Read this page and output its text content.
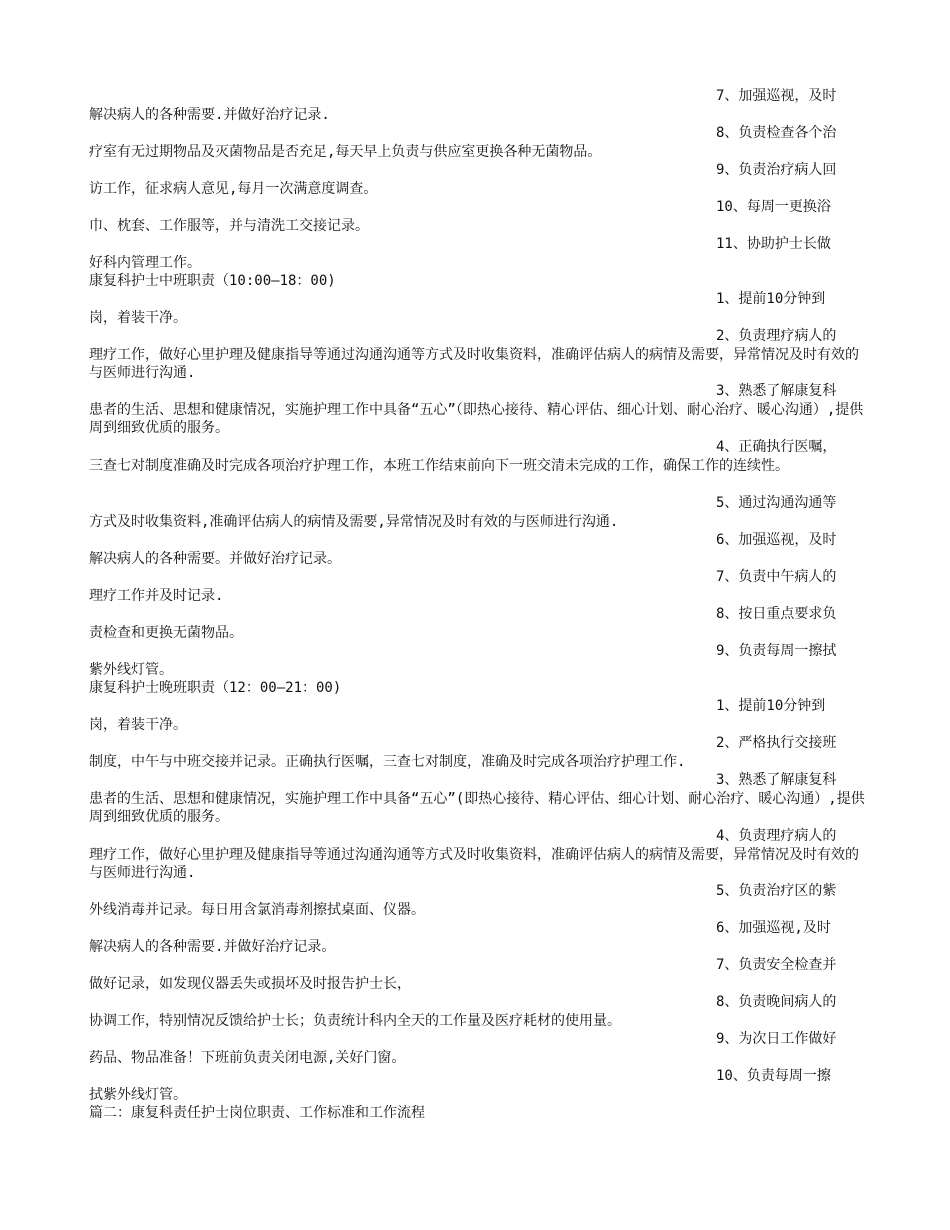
7、加强巡视，及时
解决病人的各种需要.并做好治疗记录.
8、负责检查各个治
疗室有无过期物品及灭菌物品是否充足,每天早上负责与供应室更换各种无菌物品。
9、负责治疗病人回
访工作，征求病人意见,每月一次满意度调查。
10、每周一更换浴
巾、枕套、工作服等，并与清洗工交接记录。
11、协助护士长做
好科内管理工作。
康复科护士中班职责（10:00—18：00)
1、提前10分钟到
岗，着装干净。
2、负责理疗病人的
理疗工作，做好心里护理及健康指导等通过沟通沟通等方式及时收集资料，准确评估病人的病情及需要，异常情况及时有效的与医师进行沟通.
3、熟悉了解康复科
患者的生活、思想和健康情况，实施护理工作中具备“五心”（即热心接待、精心评估、细心计划、耐心治疗、暖心沟通）,提供周到细致优质的服务。
4、正确执行医嘱，
三查七对制度准确及时完成各项治疗护理工作，本班工作结束前向下一班交清未完成的工作，确保工作的连续性。
5、通过沟通沟通等
方式及时收集资料,准确评估病人的病情及需要,异常情况及时有效的与医师进行沟通.
6、加强巡视，及时
解决病人的各种需要。并做好治疗记录。
7、负责中午病人的
理疗工作并及时记录.
8、按日重点要求负
责检查和更换无菌物品。
9、负责每周一擦拭
紫外线灯管。
康复科护士晚班职责（12：00—21：00)
1、提前10分钟到
岗，着装干净。
2、严格执行交接班
制度，中午与中班交接并记录。正确执行医嘱，三查七对制度，准确及时完成各项治疗护理工作.
3、熟悉了解康复科
患者的生活、思想和健康情况，实施护理工作中具备“五心”(即热心接待、精心评估、细心计划、耐心治疗、暖心沟通）,提供周到细致优质的服务。
4、负责理疗病人的
理疗工作，做好心里护理及健康指导等通过沟通沟通等方式及时收集资料，准确评估病人的病情及需要，异常情况及时有效的与医师进行沟通.
5、负责治疗区的紫
外线消毒并记录。每日用含氯消毒剂擦拭桌面、仪器。
6、加强巡视,及时
解决病人的各种需要.并做好治疗记录。
7、负责安全检查并
做好记录，如发现仪器丢失或损坏及时报告护士长，
8、负责晚间病人的
协调工作，特别情况反馈给护士长；负责统计科内全天的工作量及医疗耗材的使用量。
9、为次日工作做好
药品、物品准备！下班前负责关闭电源,关好门窗。
10、负责每周一擦
拭紫外线灯管。
篇二：康复科责任护士岗位职责、工作标准和工作流程
